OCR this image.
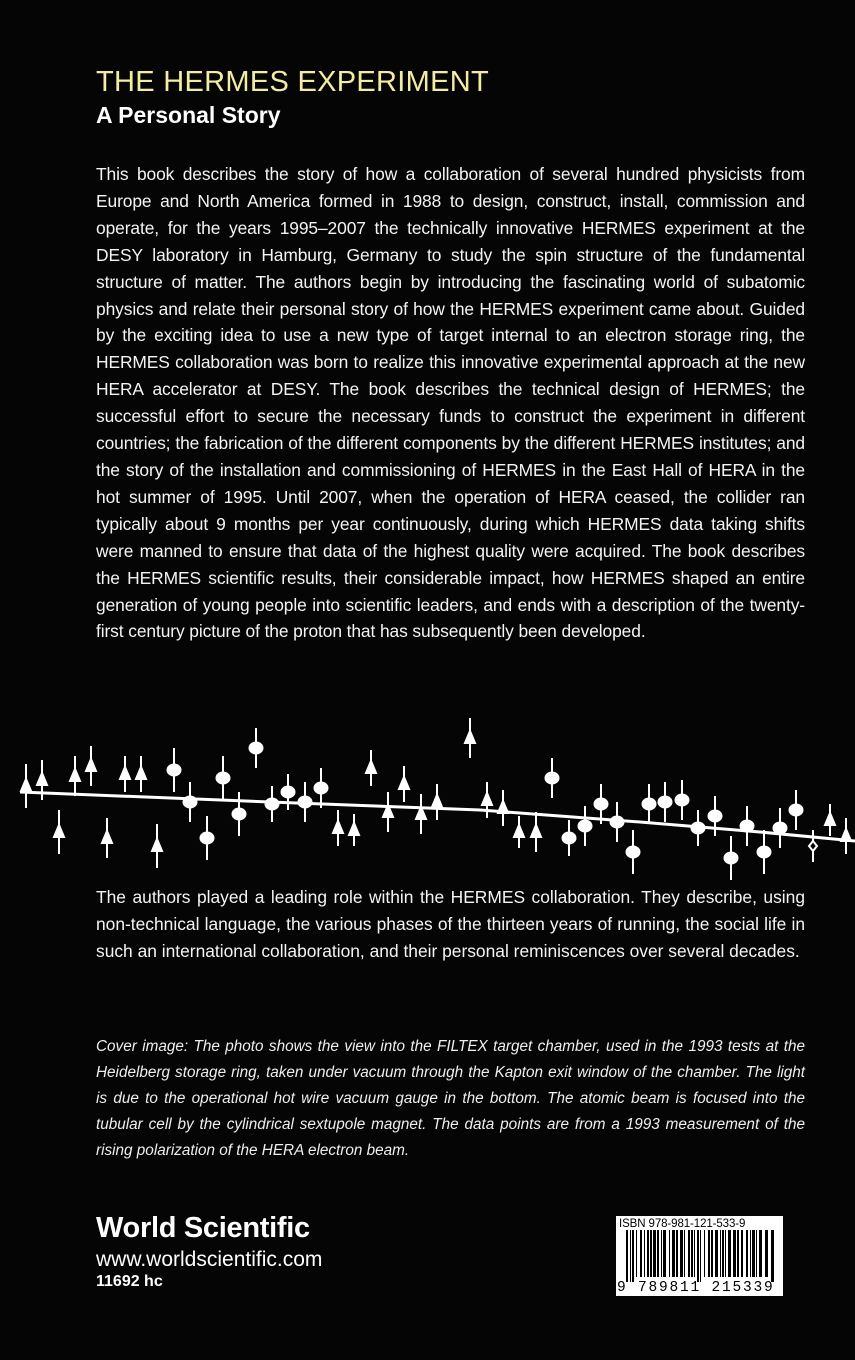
THE HERMES EXPERIMENT
A Personal Story

This book describes the story of how a collaboration of several hundred physicists from Europe and North America formed in 1988 to design, construct, install, commission and operate, for the years 1995–2007 the technically innovative HERMES experiment at the DESY laboratory in Hamburg, Germany to study the spin structure of the fundamental structure of matter. The authors begin by introducing the fascinating world of subatomic physics and relate their personal story of how the HERMES experiment came about. Guided by the exciting idea to use a new type of target internal to an electron storage ring, the HERMES collaboration was born to realize this innovative experimental approach at the new HERA accelerator at DESY. The book describes the technical design of HERMES; the successful effort to secure the necessary funds to construct the experiment in different countries; the fabrication of the different components by the different HERMES institutes; and the story of the installation and commissioning of HERMES in the East Hall of HERA in the hot summer of 1995. Until 2007, when the operation of HERA ceased, the collider ran typically about 9 months per year continuously, during which HERMES data taking shifts were manned to ensure that data of the highest quality were acquired. The book describes the HERMES scientific results, their considerable impact, how HERMES shaped an entire generation of young people into scientific leaders, and ends with a description of the twenty-first century picture of the proton that has subsequently been developed.

The authors played a leading role within the HERMES collaboration. They describe, using non-technical language, the various phases of the thirteen years of running, the social life in such an international collaboration, and their personal reminiscences over several decades.

Cover image: The photo shows the view into the FILTEX target chamber, used in the 1993 tests at the Heidelberg storage ring, taken under vacuum through the Kapton exit window of the chamber. The light is due to the operational hot wire vacuum gauge in the bottom. The atomic beam is focused into the tubular cell by the cylindrical sextupole magnet. The data points are from a 1993 measurement of the rising polarization of the HERA electron beam.

World Scientific
www.worldscientific.com
11692 hc
ISBN 978-981-121-533-9
9 789811 215339
